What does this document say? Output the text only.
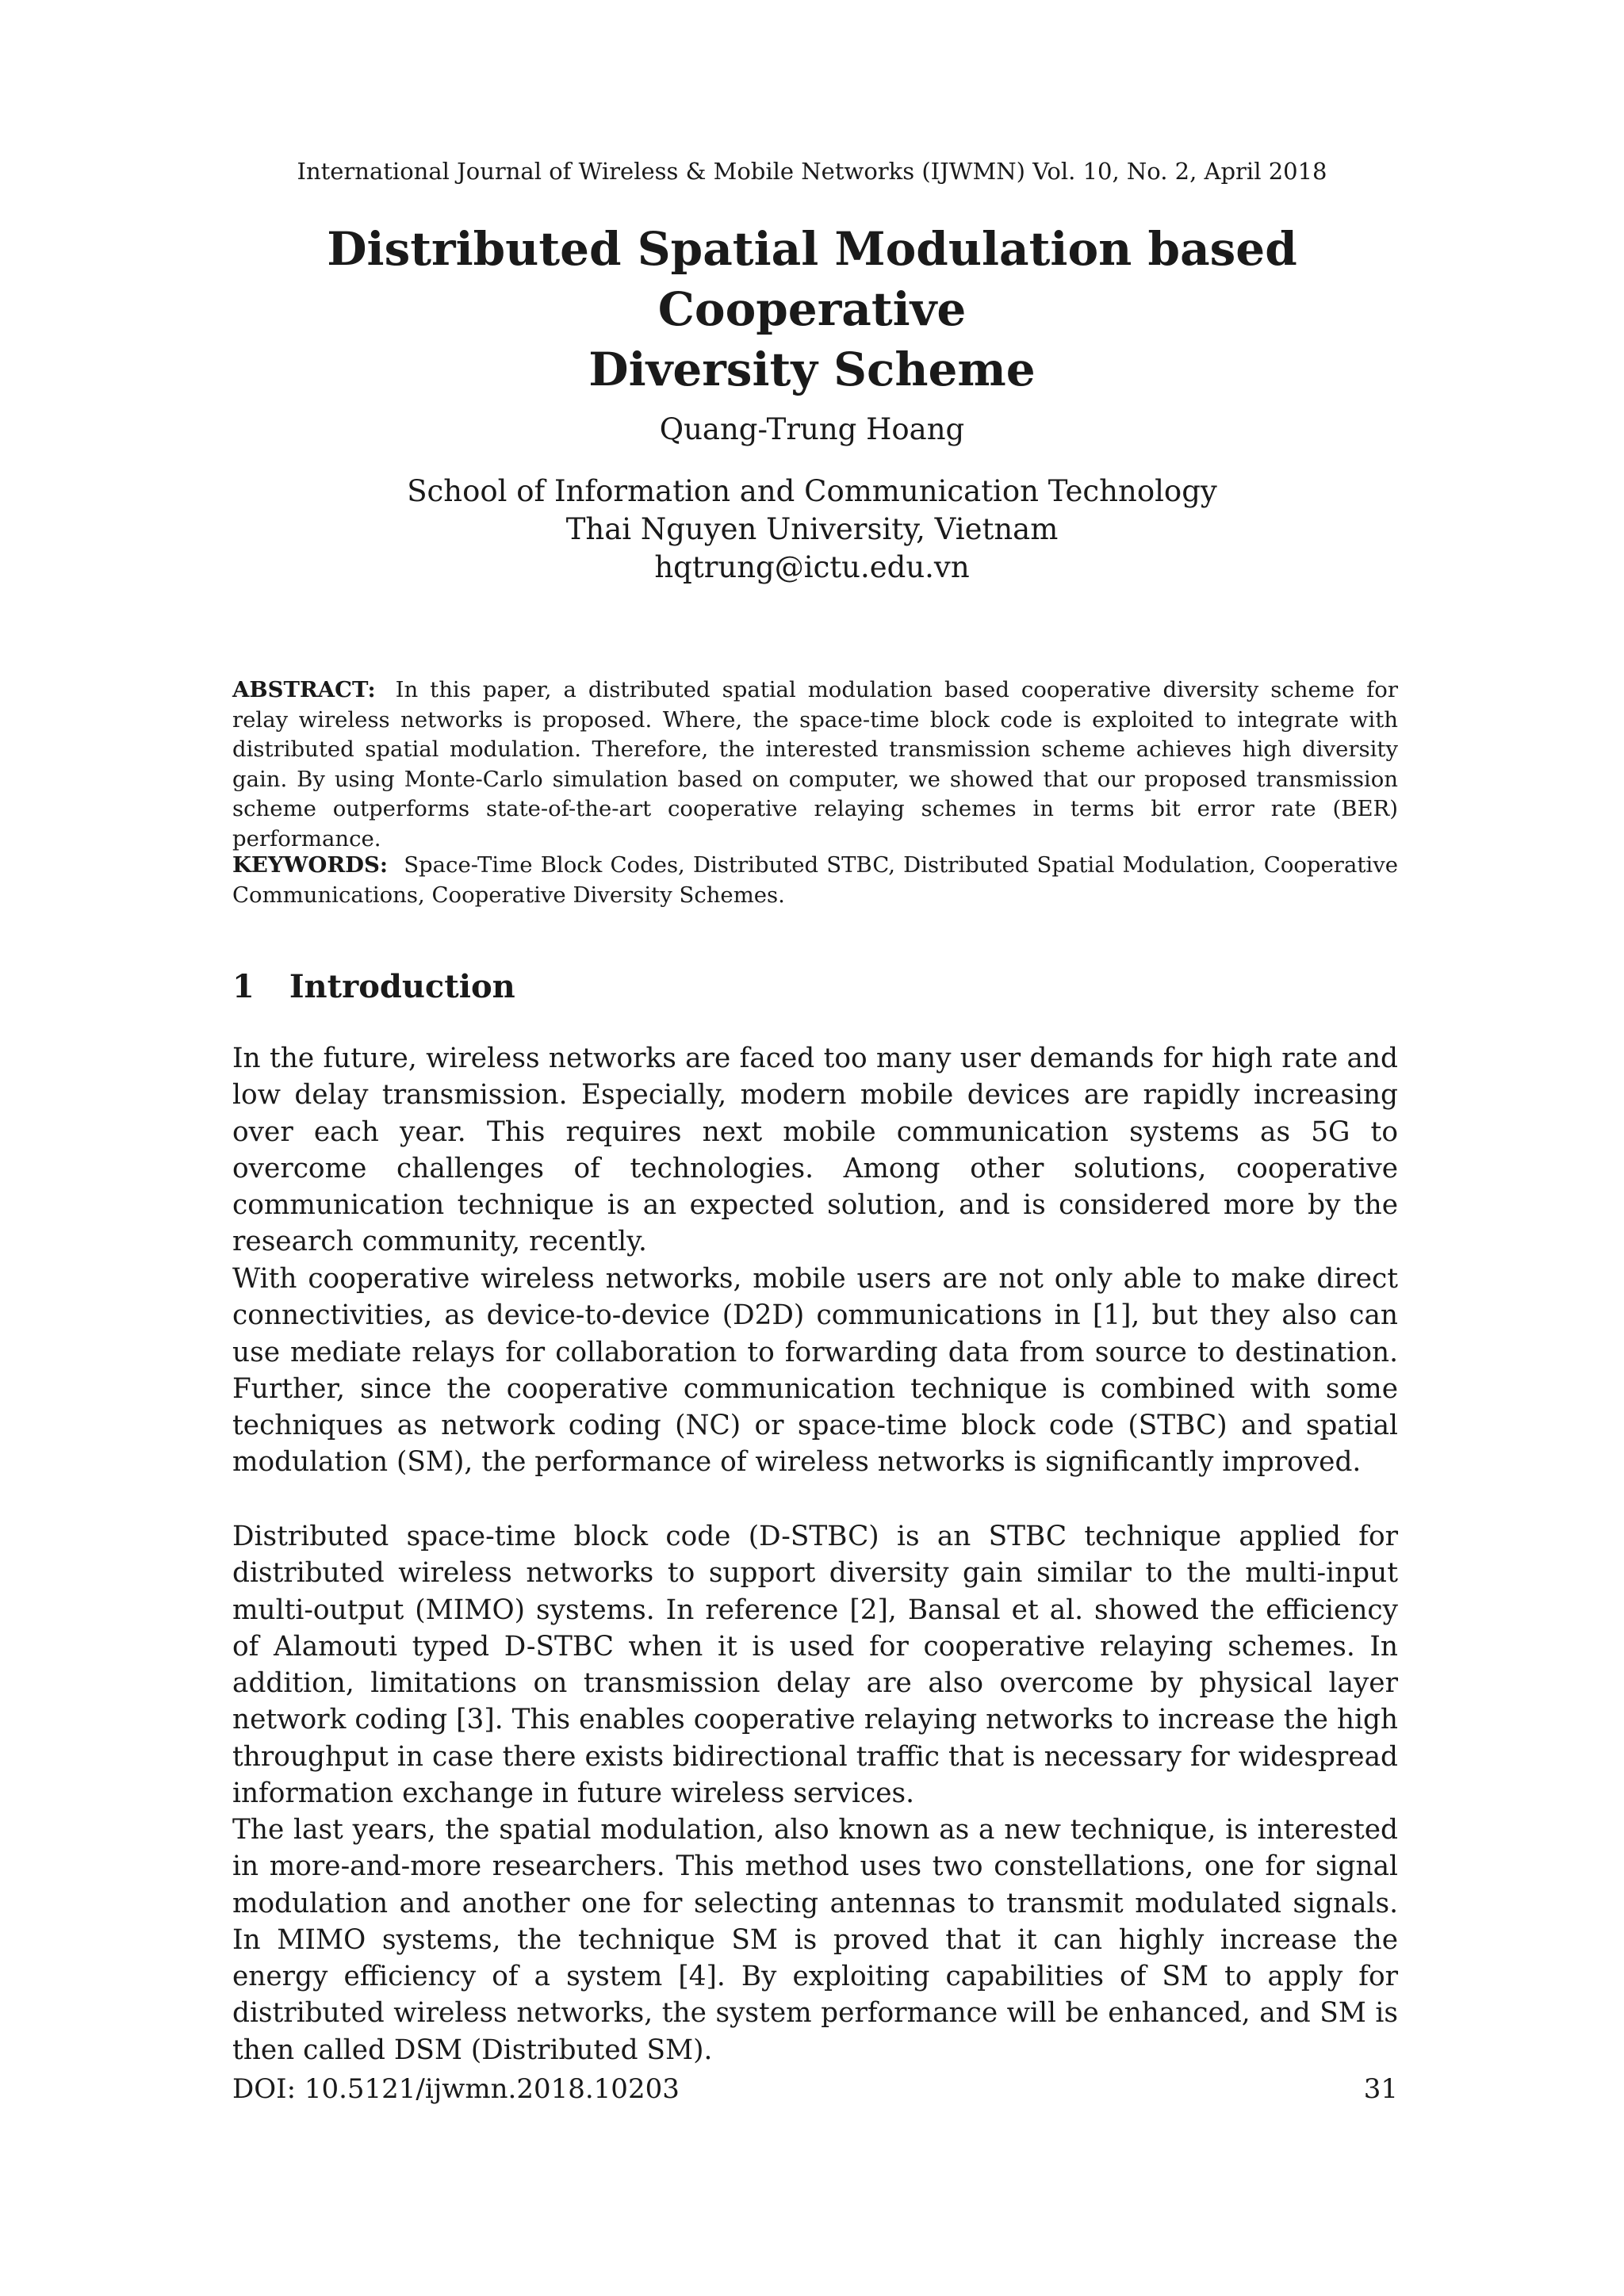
International Journal of Wireless & Mobile Networks (IJWMN) Vol. 10, No. 2, April 2018
Distributed Spatial Modulation based Cooperative
Diversity Scheme
Quang-Trung Hoang
School of Information and Communication Technology
Thai Nguyen University, Vietnam
hqtrung@ictu.edu.vn
ABSTRACT: In this paper, a distributed spatial modulation based cooperative diversity scheme for relay wireless networks is proposed. Where, the space-time block code is exploited to integrate with distributed spatial modulation. Therefore, the interested transmission scheme achieves high diversity gain. By using Monte-Carlo simulation based on computer, we showed that our proposed transmission scheme outperforms state-of-the-art cooperative relaying schemes in terms bit error rate (BER) performance.
KEYWORDS: Space-Time Block Codes, Distributed STBC, Distributed Spatial Modulation, Cooperative Communications, Cooperative Diversity Schemes.
1 Introduction

In the future, wireless networks are faced too many user demands for high rate and low delay transmission. Especially, modern mobile devices are rapidly increasing over each year. This requires next mobile communication systems as 5G to overcome challenges of technologies. Among other solutions, cooperative communication technique is an expected solution, and is considered more by the research community, recently.

With cooperative wireless networks, mobile users are not only able to make direct connectivities, as device-to-device (D2D) communications in [1], but they also can use mediate relays for collaboration to forwarding data from source to destination. Further, since the cooperative communication technique is combined with some techniques as network coding (NC) or space-time block code (STBC) and spatial modulation (SM), the performance of wireless networks is significantly improved.

Distributed space-time block code (D-STBC) is an STBC technique applied for distributed wireless networks to support diversity gain similar to the multi-input multi-output (MIMO) systems. In reference [2], Bansal et al. showed the efficiency of Alamouti typed D-STBC when it is used for cooperative relaying schemes. In addition, limitations on transmission delay are also overcome by physical layer network coding [3]. This enables cooperative relaying networks to increase the high throughput in case there exists bidirectional traffic that is necessary for widespread information exchange in future wireless services.

The last years, the spatial modulation, also known as a new technique, is interested in more-and-more researchers. This method uses two constellations, one for signal modulation and another one for selecting antennas to transmit modulated signals. In MIMO systems, the technique SM is proved that it can highly increase the energy efficiency of a system [4]. By exploiting capabilities of SM to apply for distributed wireless networks, the system performance will be enhanced, and SM is then called DSM (Distributed SM).

DOI: 10.5121/ijwmn.2018.10203	31
